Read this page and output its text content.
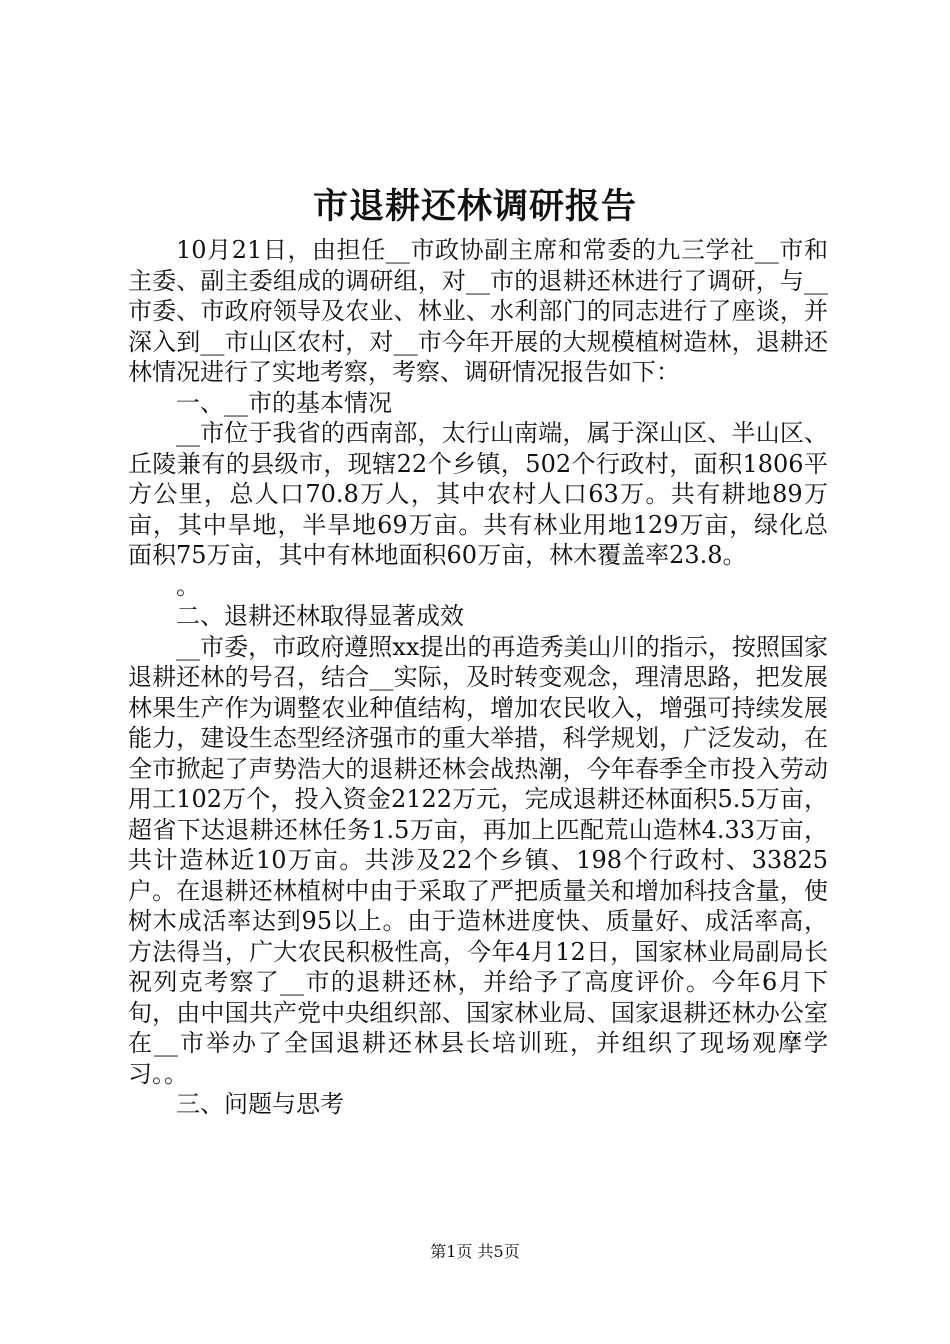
市退耕还林调研报告

10月21日，由担任__市政协副主席和常委的九三学社__市和主委、副主委组成的调研组，对__市的退耕还林进行了调研，与__市委、市政府领导及农业、林业、水利部门的同志进行了座谈，并深入到__市山区农村，对__市今年开展的大规模植树造林，退耕还林情况进行了实地考察，考察、调研情况报告如下：

一、__市的基本情况

__市位于我省的西南部，太行山南端，属于深山区、半山区、丘陵兼有的县级市，现辖22个乡镇，502个行政村，面积1806平方公里，总人口70.8万人，其中农村人口63万。共有耕地89万亩，其中旱地，半旱地69万亩。共有林业用地129万亩，绿化总面积75万亩，其中有林地面积60万亩，林木覆盖率23.8。

。

二、退耕还林取得显著成效

__市委，市政府遵照xx提出的再造秀美山川的指示，按照国家退耕还林的号召，结合__实际，及时转变观念，理清思路，把发展林果生产作为调整农业种值结构，增加农民收入，增强可持续发展能力，建设生态型经济强市的重大举措，科学规划，广泛发动，在全市掀起了声势浩大的退耕还林会战热潮，今年春季全市投入劳动用工102万个，投入资金2122万元，完成退耕还林面积5.5万亩，超省下达退耕还林任务1.5万亩，再加上匹配荒山造林4.33万亩，共计造林近10万亩。共涉及22个乡镇、198个行政村、33825户。在退耕还林植树中由于采取了严把质量关和增加科技含量，使树木成活率达到95以上。由于造林进度快、质量好、成活率高，方法得当，广大农民积极性高，今年4月12日，国家林业局副局长祝列克考察了__市的退耕还林，并给予了高度评价。今年6月下旬，由中国共产党中央组织部、国家林业局、国家退耕还林办公室在__市举办了全国退耕还林县长培训班，并组织了现场观摩学习。。

三、问题与思考

第1页 共5页
